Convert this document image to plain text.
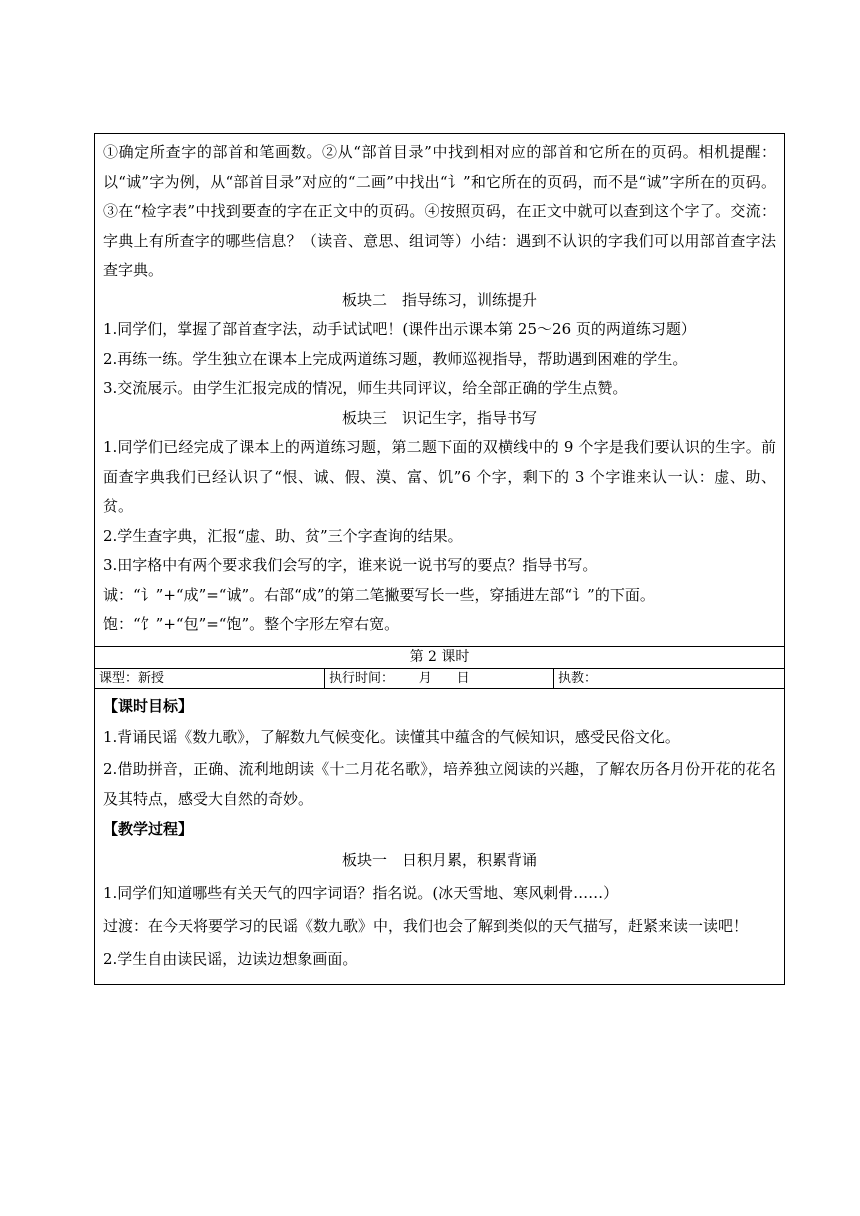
①确定所查字的部首和笔画数。②从“部首目录”中找到相对应的部首和它所在的页码。相机提醒：以“诚”字为例，从“部首目录”对应的“二画”中找出“讠”和它所在的页码，而不是“诚”字所在的页码。③在“检字表”中找到要查的字在正文中的页码。④按照页码，在正文中就可以查到这个字了。交流：字典上有所查字的哪些信息？（读音、意思、组词等）小结：遇到不认识的字我们可以用部首查字法查字典。

板块二　指导练习，训练提升

1.同学们，掌握了部首查字法，动手试试吧！(课件出示课本第 25～26 页的两道练习题）

2.再练一练。学生独立在课本上完成两道练习题，教师巡视指导，帮助遇到困难的学生。

3.交流展示。由学生汇报完成的情况，师生共同评议，给全部正确的学生点赞。

板块三　识记生字，指导书写

1.同学们已经完成了课本上的两道练习题，第二题下面的双横线中的 9 个字是我们要认识的生字。前面查字典我们已经认识了“恨、诚、假、漠、富、饥”6 个字，剩下的 3 个字谁来认一认：虚、助、贫。

2.学生查字典，汇报“虚、助、贫”三个字查询的结果。

3.田字格中有两个要求我们会写的字，谁来说一说书写的要点？指导书写。

诚：“讠”+“成”=“诚”。右部“成”的第二笔撇要写长一些，穿插进左部“讠”的下面。

饱：“饣”+“包”=“饱”。整个字形左窄右宽。

第 2 课时
课型：新授	执行时间：      月      日	执教：

【课时目标】

1.背诵民谣《数九歌》，了解数九气候变化。读懂其中蕴含的气候知识，感受民俗文化。

2.借助拼音，正确、流利地朗读《十二月花名歌》，培养独立阅读的兴趣，了解农历各月份开花的花名及其特点，感受大自然的奇妙。

【教学过程】

板块一　日积月累，积累背诵

1.同学们知道哪些有关天气的四字词语？指名说。(冰天雪地、寒风刺骨……）

过渡：在今天将要学习的民谣《数九歌》中，我们也会了解到类似的天气描写，赶紧来读一读吧！

2.学生自由读民谣，边读边想象画面。
